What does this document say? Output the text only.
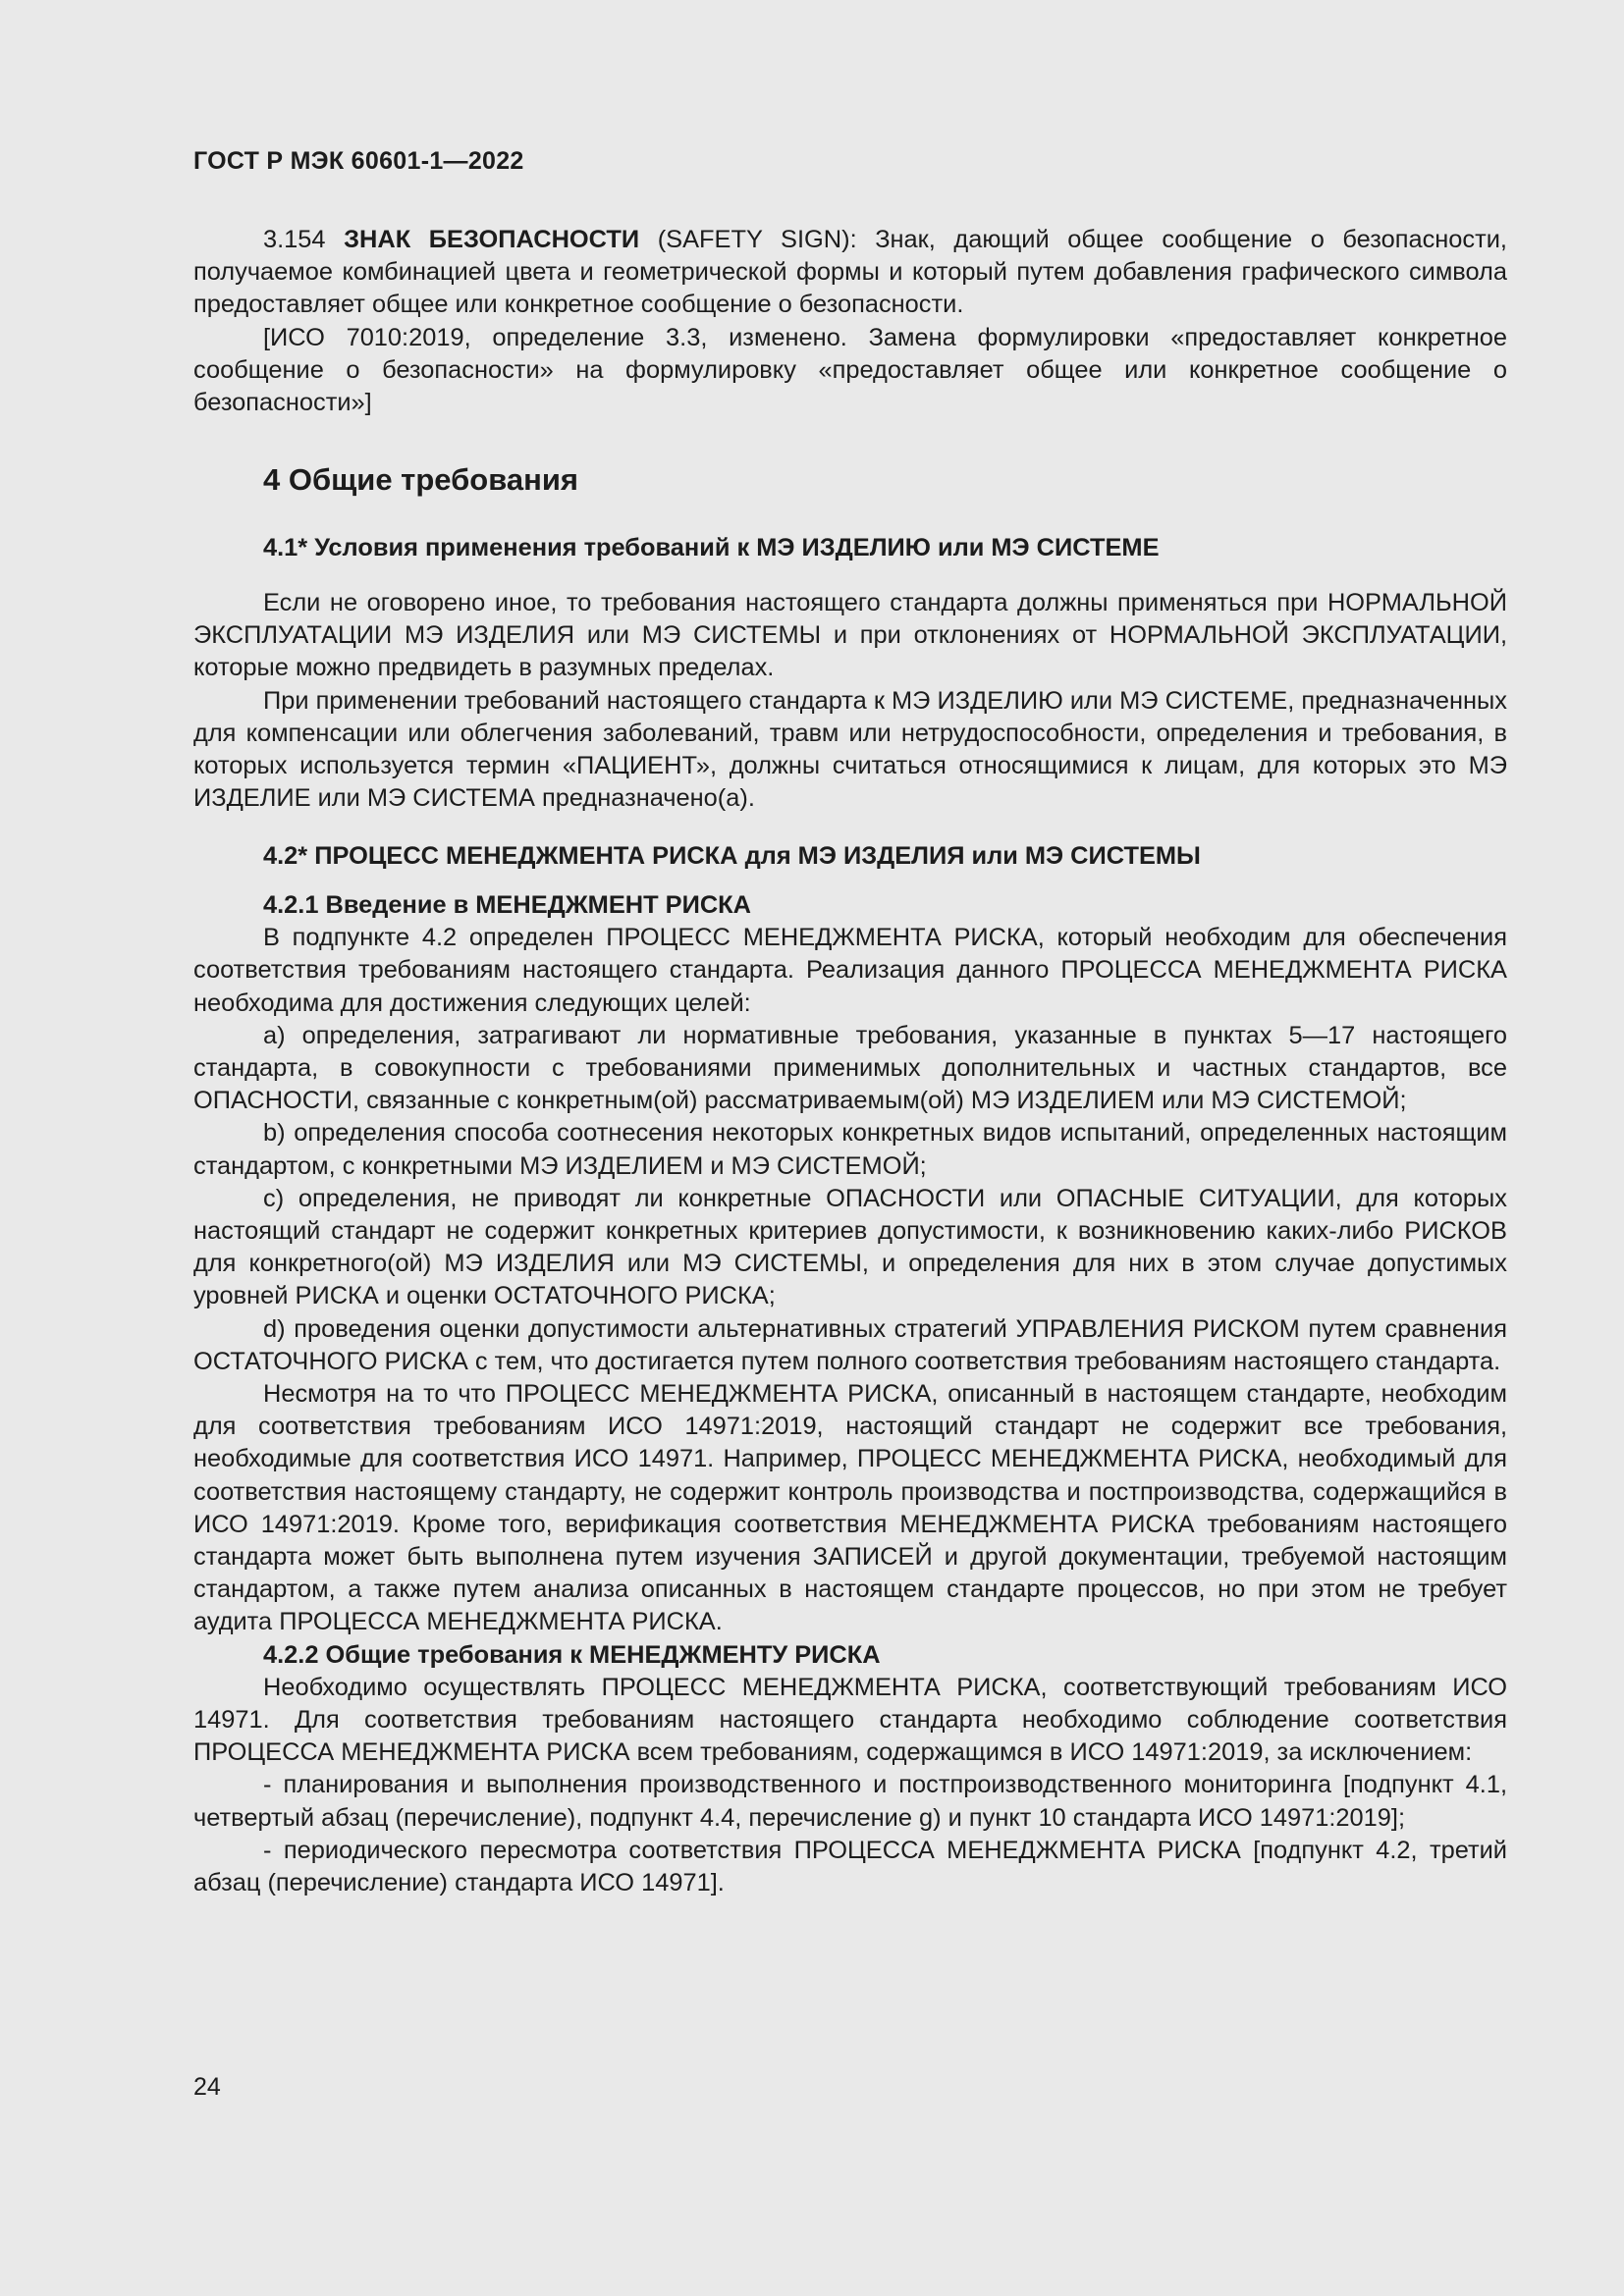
ГОСТ Р МЭК 60601-1—2022

3.154 ЗНАК БЕЗОПАСНОСТИ (SAFETY SIGN): Знак, дающий общее сообщение о безопасности, получаемое комбинацией цвета и геометрической формы и который путем добавления графического символа предоставляет общее или конкретное сообщение о безопасности.

[ИСО 7010:2019, определение 3.3, изменено. Замена формулировки «предоставляет конкретное сообщение о безопасности» на формулировку «предоставляет общее или конкретное сообщение о безопасности»]

4 Общие требования
4.1* Условия применения требований к МЭ ИЗДЕЛИЮ или МЭ СИСТЕМЕ

Если не оговорено иное, то требования настоящего стандарта должны применяться при НОРМАЛЬНОЙ ЭКСПЛУАТАЦИИ МЭ ИЗДЕЛИЯ или МЭ СИСТЕМЫ и при отклонениях от НОРМАЛЬНОЙ ЭКСПЛУАТАЦИИ, которые можно предвидеть в разумных пределах.

При применении требований настоящего стандарта к МЭ ИЗДЕЛИЮ или МЭ СИСТЕМЕ, предназначенных для компенсации или облегчения заболеваний, травм или нетрудоспособности, определения и требования, в которых используется термин «ПАЦИЕНТ», должны считаться относящимися к лицам, для которых это МЭ ИЗДЕЛИЕ или МЭ СИСТЕМА предназначено(а).

4.2* ПРОЦЕСС МЕНЕДЖМЕНТА РИСКА для МЭ ИЗДЕЛИЯ или МЭ СИСТЕМЫ
4.2.1 Введение в МЕНЕДЖМЕНТ РИСКА

В подпункте 4.2 определен ПРОЦЕСС МЕНЕДЖМЕНТА РИСКА, который необходим для обеспечения соответствия требованиям настоящего стандарта. Реализация данного ПРОЦЕССА МЕНЕДЖМЕНТА РИСКА необходима для достижения следующих целей:

a) определения, затрагивают ли нормативные требования, указанные в пунктах 5—17 настоящего стандарта, в совокупности с требованиями применимых дополнительных и частных стандартов, все ОПАСНОСТИ, связанные с конкретным(ой) рассматриваемым(ой) МЭ ИЗДЕЛИЕМ или МЭ СИСТЕМОЙ;

b) определения способа соотнесения некоторых конкретных видов испытаний, определенных настоящим стандартом, с конкретными МЭ ИЗДЕЛИЕМ и МЭ СИСТЕМОЙ;

c) определения, не приводят ли конкретные ОПАСНОСТИ или ОПАСНЫЕ СИТУАЦИИ, для которых настоящий стандарт не содержит конкретных критериев допустимости, к возникновению каких-либо РИСКОВ для конкретного(ой) МЭ ИЗДЕЛИЯ или МЭ СИСТЕМЫ, и определения для них в этом случае допустимых уровней РИСКА и оценки ОСТАТОЧНОГО РИСКА;

d) проведения оценки допустимости альтернативных стратегий УПРАВЛЕНИЯ РИСКОМ путем сравнения ОСТАТОЧНОГО РИСКА с тем, что достигается путем полного соответствия требованиям настоящего стандарта.

Несмотря на то что ПРОЦЕСС МЕНЕДЖМЕНТА РИСКА, описанный в настоящем стандарте, необходим для соответствия требованиям ИСО 14971:2019, настоящий стандарт не содержит все требования, необходимые для соответствия ИСО 14971. Например, ПРОЦЕСС МЕНЕДЖМЕНТА РИСКА, необходимый для соответствия настоящему стандарту, не содержит контроль производства и постпроизводства, содержащийся в ИСО 14971:2019. Кроме того, верификация соответствия МЕНЕДЖМЕНТА РИСКА требованиям настоящего стандарта может быть выполнена путем изучения ЗАПИСЕЙ и другой документации, требуемой настоящим стандартом, а также путем анализа описанных в настоящем стандарте процессов, но при этом не требует аудита ПРОЦЕССА МЕНЕДЖМЕНТА РИСКА.

4.2.2 Общие требования к МЕНЕДЖМЕНТУ РИСКА

Необходимо осуществлять ПРОЦЕСС МЕНЕДЖМЕНТА РИСКА, соответствующий требованиям ИСО 14971. Для соответствия требованиям настоящего стандарта необходимо соблюдение соответствия ПРОЦЕССА МЕНЕДЖМЕНТА РИСКА всем требованиям, содержащимся в ИСО 14971:2019, за исключением:

- планирования и выполнения производственного и постпроизводственного мониторинга [подпункт 4.1, четвертый абзац (перечисление), подпункт 4.4, перечисление g) и пункт 10 стандарта ИСО 14971:2019];

- периодического пересмотра соответствия ПРОЦЕССА МЕНЕДЖМЕНТА РИСКА [подпункт 4.2, третий абзац (перечисление) стандарта ИСО 14971].

24
